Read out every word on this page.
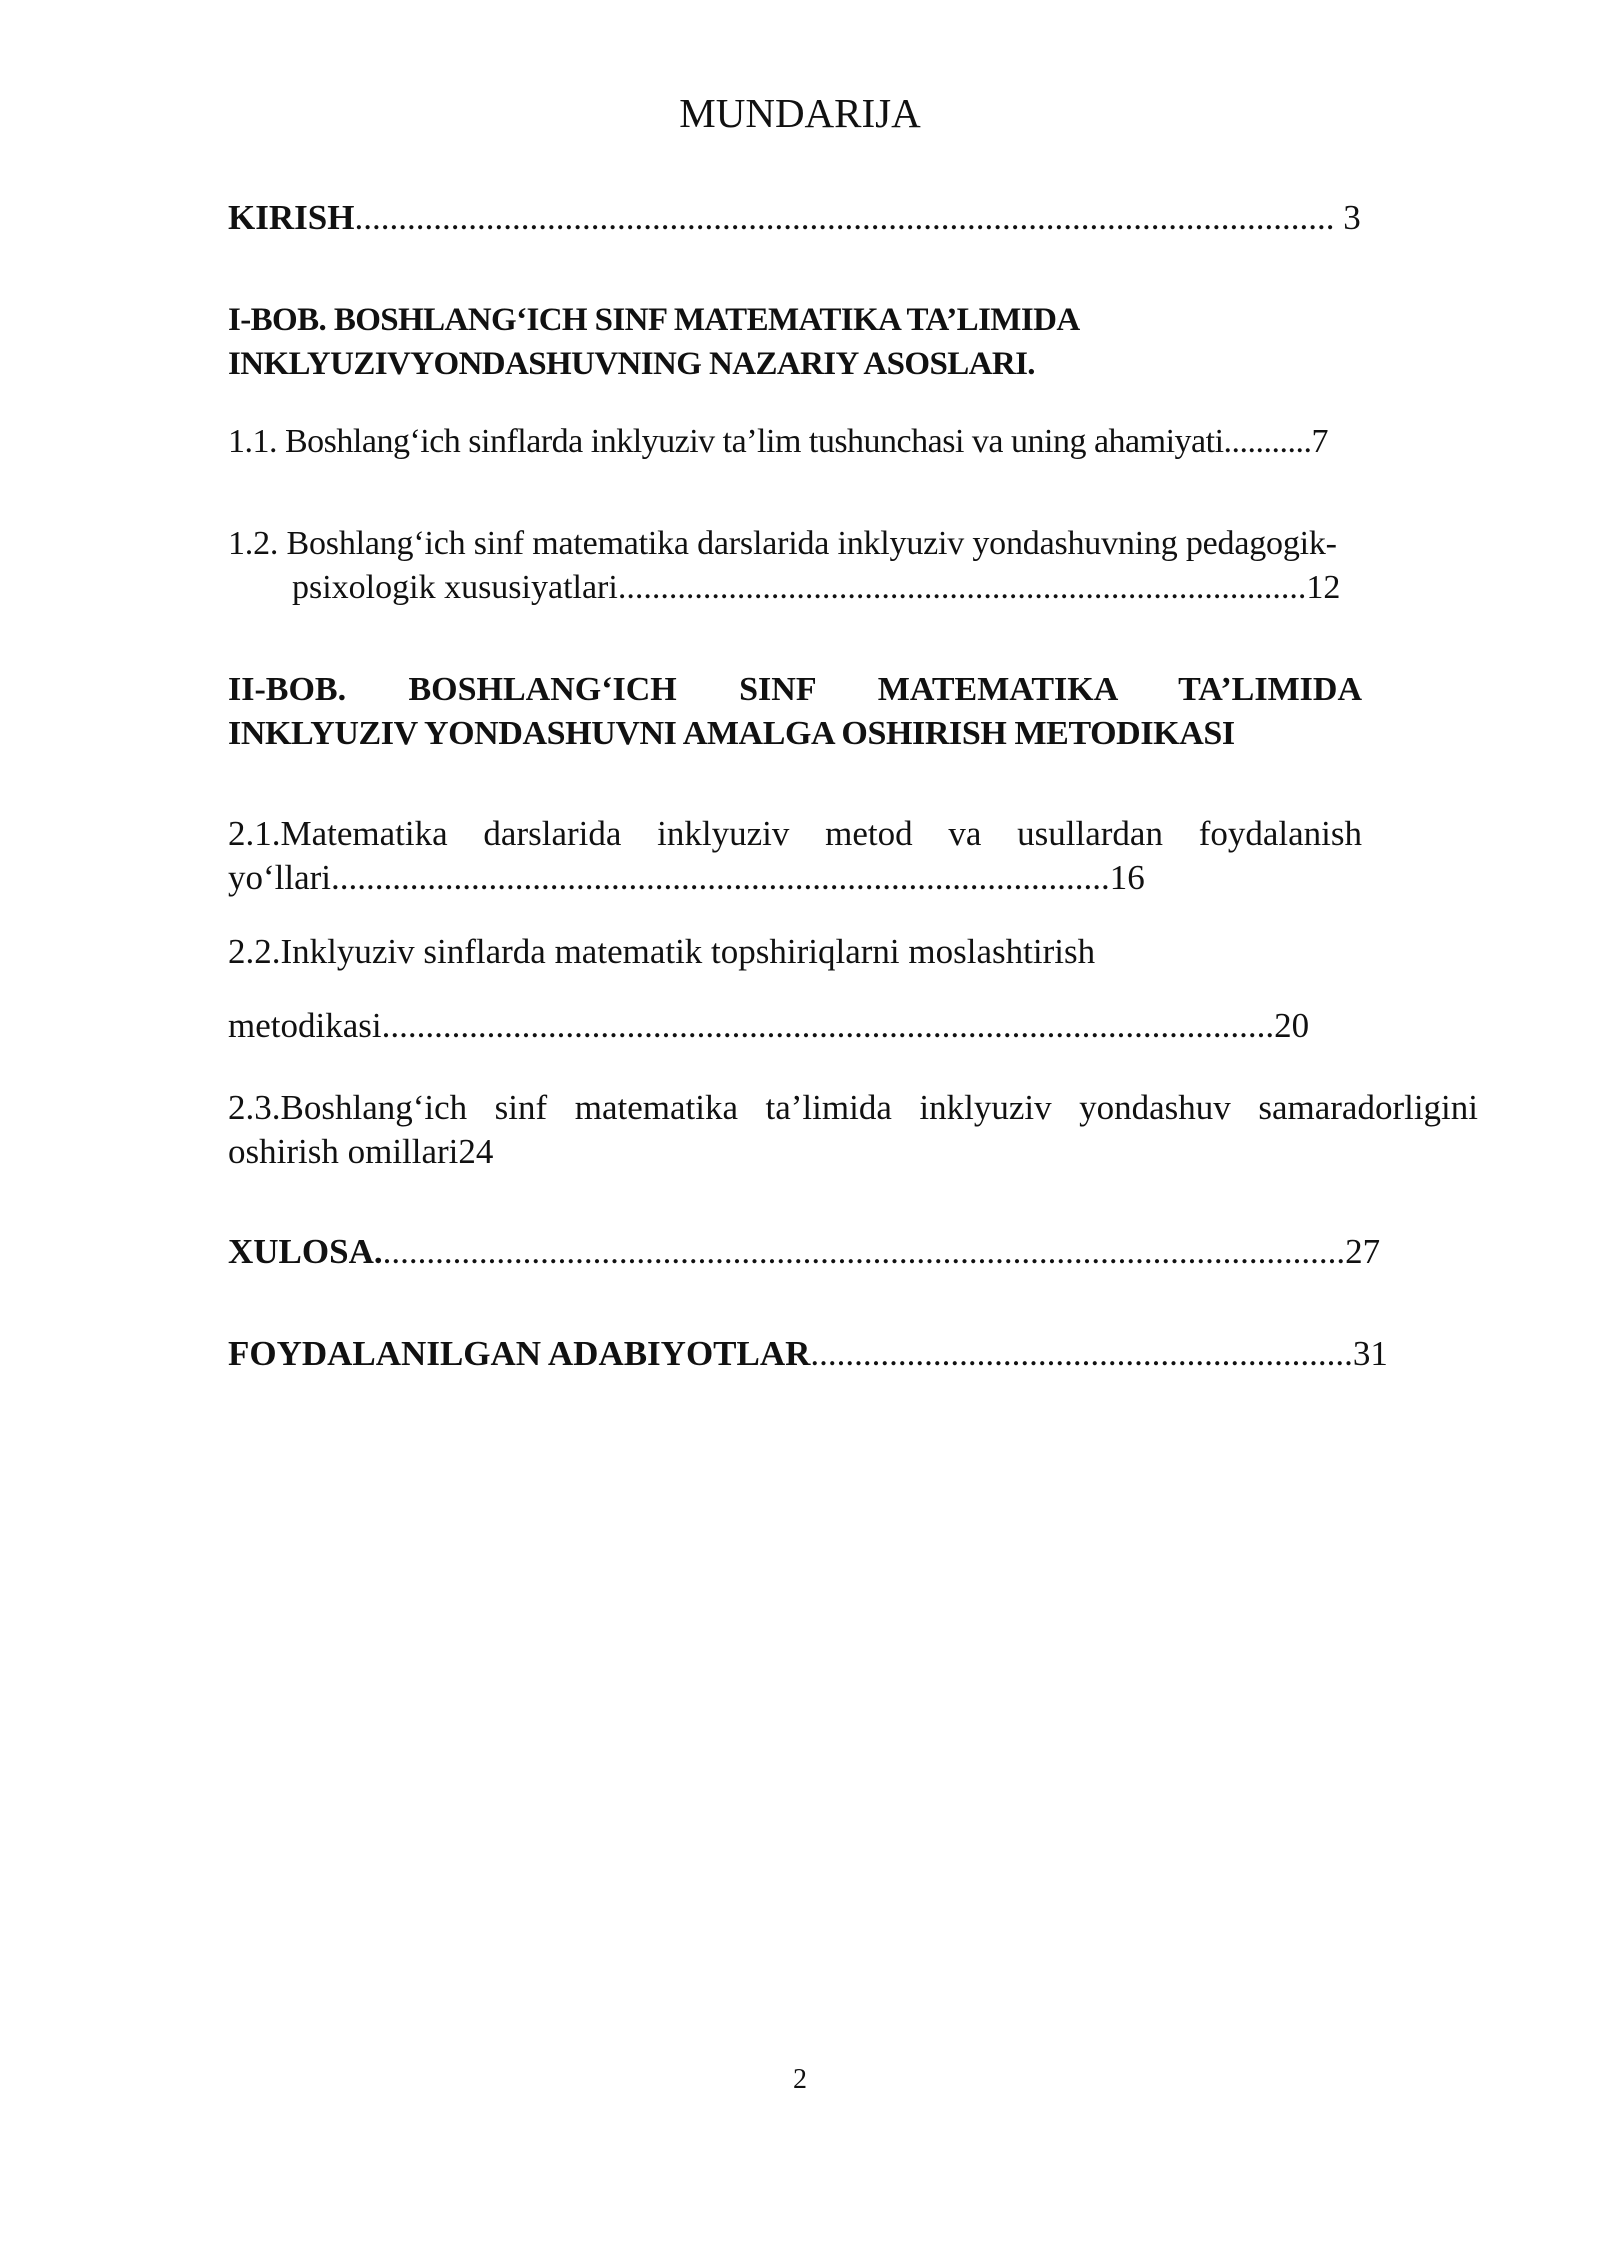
MUNDARIJA
KIRISH................................................................................................................ 3
I-BOB. BOSHLANG‘ICH SINF MATEMATIKA TA’LIMIDA
INKLYUZIVYONDASHUVNING NAZARIY ASOSLARI.
1.1. Boshlang‘ich sinflarda inklyuziv ta’lim tushunchasi va uning ahamiyati...........7
1.2. Boshlang‘ich sinf matematika darslarida inklyuziv yondashuvning pedagogik-
psixologik xususiyatlari.................................................................................12
II-BOB. BOSHLANG‘ICH SINF MATEMATIKA TA’LIMIDA
INKLYUZIV YONDASHUVNI AMALGA OSHIRISH METODIKASI
2.1.Matematika darslarida inklyuziv metod va usullardan foydalanish
yo‘llari.........................................................................................16
2.2.Inklyuziv sinflarda matematik topshiriqlarni moslashtirish
metodikasi......................................................................................................20
2.3.Boshlang‘ich sinf matematika ta’limida inklyuziv yondashuv samaradorligini
oshirish omillari24
XULOSA...............................................................................................................27
FOYDALANILGAN ADABIYOTLAR..............................................................31
2
